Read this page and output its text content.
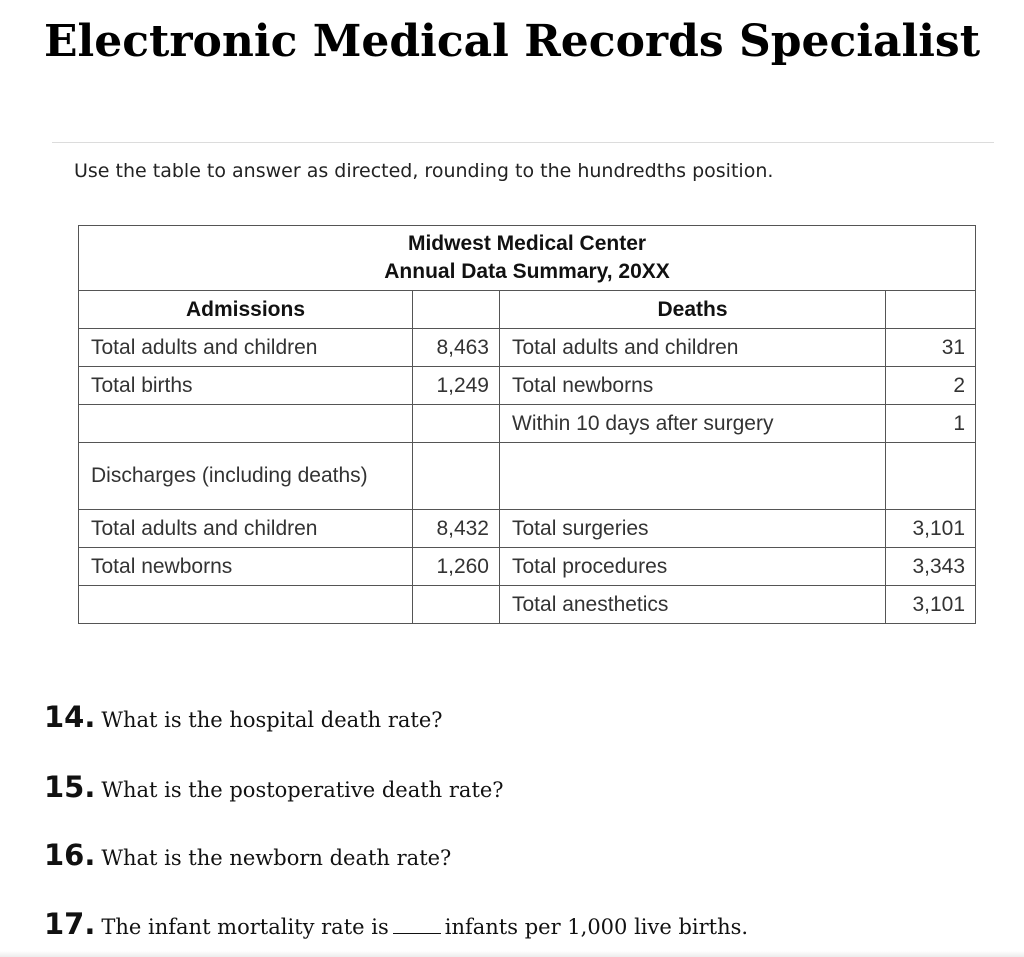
Electronic Medical Records Specialist
Use the table to answer as directed, rounding to the hundredths position.
Midwest Medical Center
Annual Data Summary, 20XX			

Admissions		Deaths	
Total adults and children	8,463	Total adults and children	31
Total births	1,249	Total newborns	2
		Within 10 days after surgery	1
Discharges (including deaths)			
Total adults and children	8,432	Total surgeries	3,101
Total newborns	1,260	Total procedures	3,343
		Total anesthetics	3,101
14. What is the hospital death rate?
15. What is the postoperative death rate?
16. What is the newborn death rate?
17. The infant mortality rate is	infants per 1,000 live births.
